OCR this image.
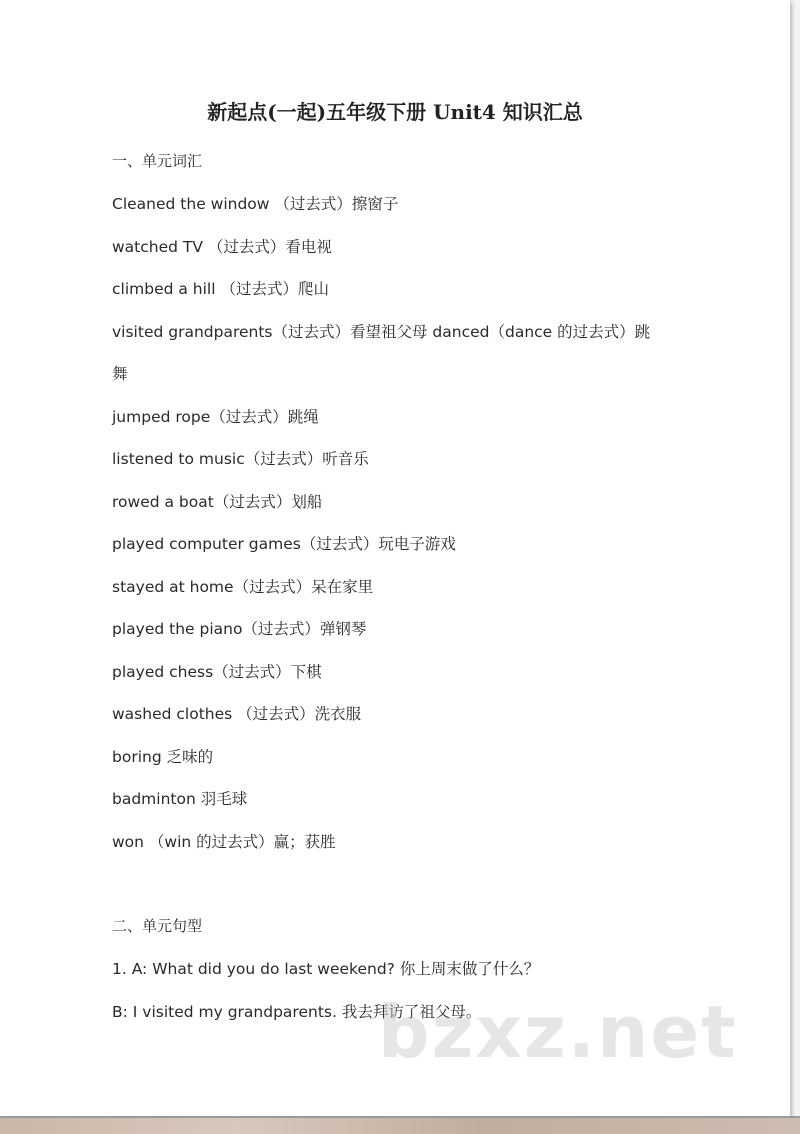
新起点(一起)五年级下册 Unit4 知识汇总
一、单元词汇
Cleaned the window （过去式）擦窗子
watched TV （过去式）看电视
climbed a hill （过去式）爬山
visited grandparents（过去式）看望祖父母 danced（dance 的过去式）跳
舞
jumped rope（过去式）跳绳
listened to music（过去式）听音乐
rowed a boat（过去式）划船
played computer games（过去式）玩电子游戏
stayed at home（过去式）呆在家里
played the piano（过去式）弹钢琴
played chess（过去式）下棋
washed clothes （过去式）洗衣服
boring 乏味的
badminton 羽毛球
won （win 的过去式）赢；获胜
二、单元句型
1. A: What did you do last weekend? 你上周末做了什么？
B: I visited my grandparents. 我去拜访了祖父母。
bzxz.net
